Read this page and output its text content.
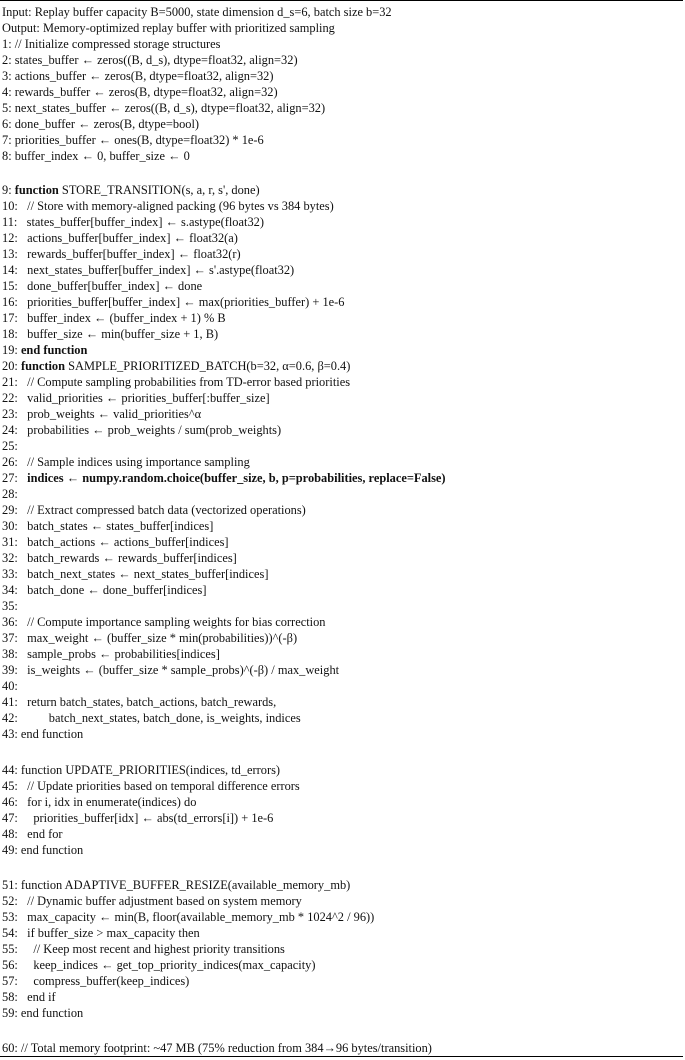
Input: Replay buffer capacity B=5000, state dimension d_s=6, batch size b=32
Output: Memory-optimized replay buffer with prioritized sampling
1: // Initialize compressed storage structures
2: states_buffer ← zeros((B, d_s), dtype=float32, align=32)
3: actions_buffer ← zeros(B, dtype=float32, align=32)
4: rewards_buffer ← zeros(B, dtype=float32, align=32)
5: next_states_buffer ← zeros((B, d_s), dtype=float32, align=32)
6: done_buffer ← zeros(B, dtype=bool)
7: priorities_buffer ← ones(B, dtype=float32) * 1e-6
8: buffer_index ← 0, buffer_size ← 0
9: function STORE_TRANSITION(s, a, r, s', done)
10:   // Store with memory-aligned packing (96 bytes vs 384 bytes)
11:   states_buffer[buffer_index] ← s.astype(float32)
12:   actions_buffer[buffer_index] ← float32(a)
13:   rewards_buffer[buffer_index] ← float32(r)
14:   next_states_buffer[buffer_index] ← s'.astype(float32)
15:   done_buffer[buffer_index] ← done
16:   priorities_buffer[buffer_index] ← max(priorities_buffer) + 1e-6
17:   buffer_index ← (buffer_index + 1) % B
18:   buffer_size ← min(buffer_size + 1, B)
19: end function
20: function SAMPLE_PRIORITIZED_BATCH(b=32, α=0.6, β=0.4)
21:   // Compute sampling probabilities from TD-error based priorities
22:   valid_priorities ← priorities_buffer[:buffer_size]
23:   prob_weights ← valid_priorities^α
24:   probabilities ← prob_weights / sum(prob_weights)
25:
26:   // Sample indices using importance sampling
27:   indices ← numpy.random.choice(buffer_size, b, p=probabilities, replace=False)
28:
29:   // Extract compressed batch data (vectorized operations)
30:   batch_states ← states_buffer[indices]
31:   batch_actions ← actions_buffer[indices]
32:   batch_rewards ← rewards_buffer[indices]
33:   batch_next_states ← next_states_buffer[indices]
34:   batch_done ← done_buffer[indices]
35:
36:   // Compute importance sampling weights for bias correction
37:   max_weight ← (buffer_size * min(probabilities))^(-β)
38:   sample_probs ← probabilities[indices]
39:   is_weights ← (buffer_size * sample_probs)^(-β) / max_weight
40:
41:   return batch_states, batch_actions, batch_rewards,
42:          batch_next_states, batch_done, is_weights, indices
43: end function
44: function UPDATE_PRIORITIES(indices, td_errors)
45:   // Update priorities based on temporal difference errors
46:   for i, idx in enumerate(indices) do
47:     priorities_buffer[idx] ← abs(td_errors[i]) + 1e-6
48:   end for
49: end function
51: function ADAPTIVE_BUFFER_RESIZE(available_memory_mb)
52:   // Dynamic buffer adjustment based on system memory
53:   max_capacity ← min(B, floor(available_memory_mb * 1024^2 / 96))
54:   if buffer_size > max_capacity then
55:     // Keep most recent and highest priority transitions
56:     keep_indices ← get_top_priority_indices(max_capacity)
57:     compress_buffer(keep_indices)
58:   end if
59: end function
60: // Total memory footprint: ~47 MB (75% reduction from 384→96 bytes/transition)
